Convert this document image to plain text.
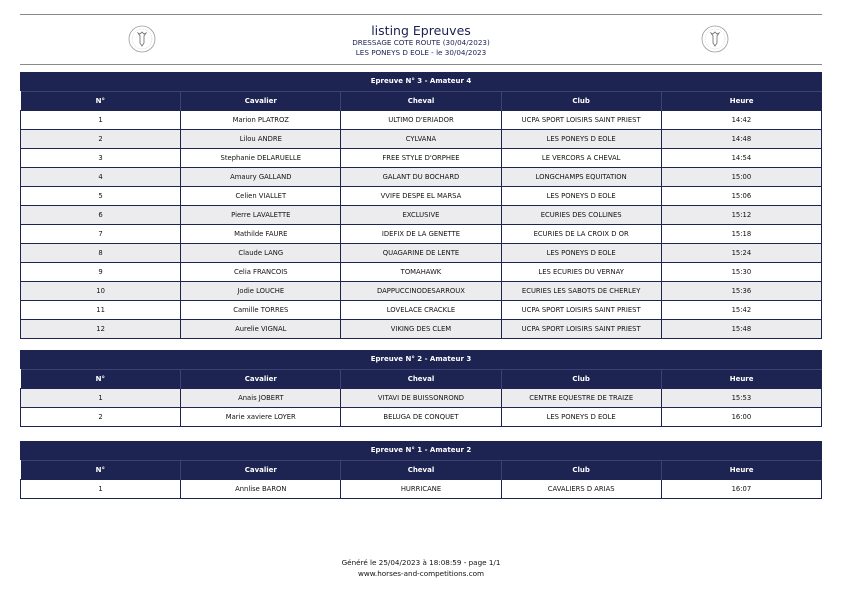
listing Epreuves
DRESSAGE COTE ROUTE (30/04/2023)
LES PONEYS D EOLE - le 30/04/2023
Epreuve N° 3 - Amateur 4
N°	Cavalier	Cheval	Club	Heure
1	Marion PLATROZ	ULTIMO D'ERIADOR	UCPA SPORT LOISIRS SAINT PRIEST	14:42
2	Lilou ANDRE	CYLVANA	LES PONEYS D EOLE	14:48
3	Stephanie DELARUELLE	FREE STYLE D'ORPHEE	LE VERCORS A CHEVAL	14:54
4	Amaury GALLAND	GALANT DU BOCHARD	LONGCHAMPS EQUITATION	15:00
5	Celien VIALLET	VVIFE DESPE EL MARSA	LES PONEYS D EOLE	15:06
6	Pierre LAVALETTE	EXCLUSIVE	ECURIES DES COLLINES	15:12
7	Mathilde FAURE	IDEFIX DE LA GENETTE	ECURIES DE LA CROIX D OR	15:18
8	Claude LANG	QUAGARINE DE LENTE	LES PONEYS D EOLE	15:24
9	Celia FRANCOIS	TOMAHAWK	LES ECURIES DU VERNAY	15:30
10	Jodie LOUCHE	DAPPUCCINODESARROUX	ECURIES LES SABOTS DE CHERLEY	15:36
11	Camille TORRES	LOVELACE CRACKLE	UCPA SPORT LOISIRS SAINT PRIEST	15:42
12	Aurelie VIGNAL	VIKING DES CLEM	UCPA SPORT LOISIRS SAINT PRIEST	15:48
Epreuve N° 2 - Amateur 3
N°	Cavalier	Cheval	Club	Heure
1	Anais JOBERT	VITAVI DE BUISSONROND	CENTRE EQUESTRE DE TRAIZE	15:53
2	Marie xaviere LOYER	BELUGA DE CONQUET	LES PONEYS D EOLE	16:00
Epreuve N° 1 - Amateur 2
N°	Cavalier	Cheval	Club	Heure
1	Annlise BARON	HURRICANE	CAVALIERS D ARIAS	16:07
Généré le 25/04/2023 à 18:08:59 - page 1/1
www.horses-and-competitions.com
